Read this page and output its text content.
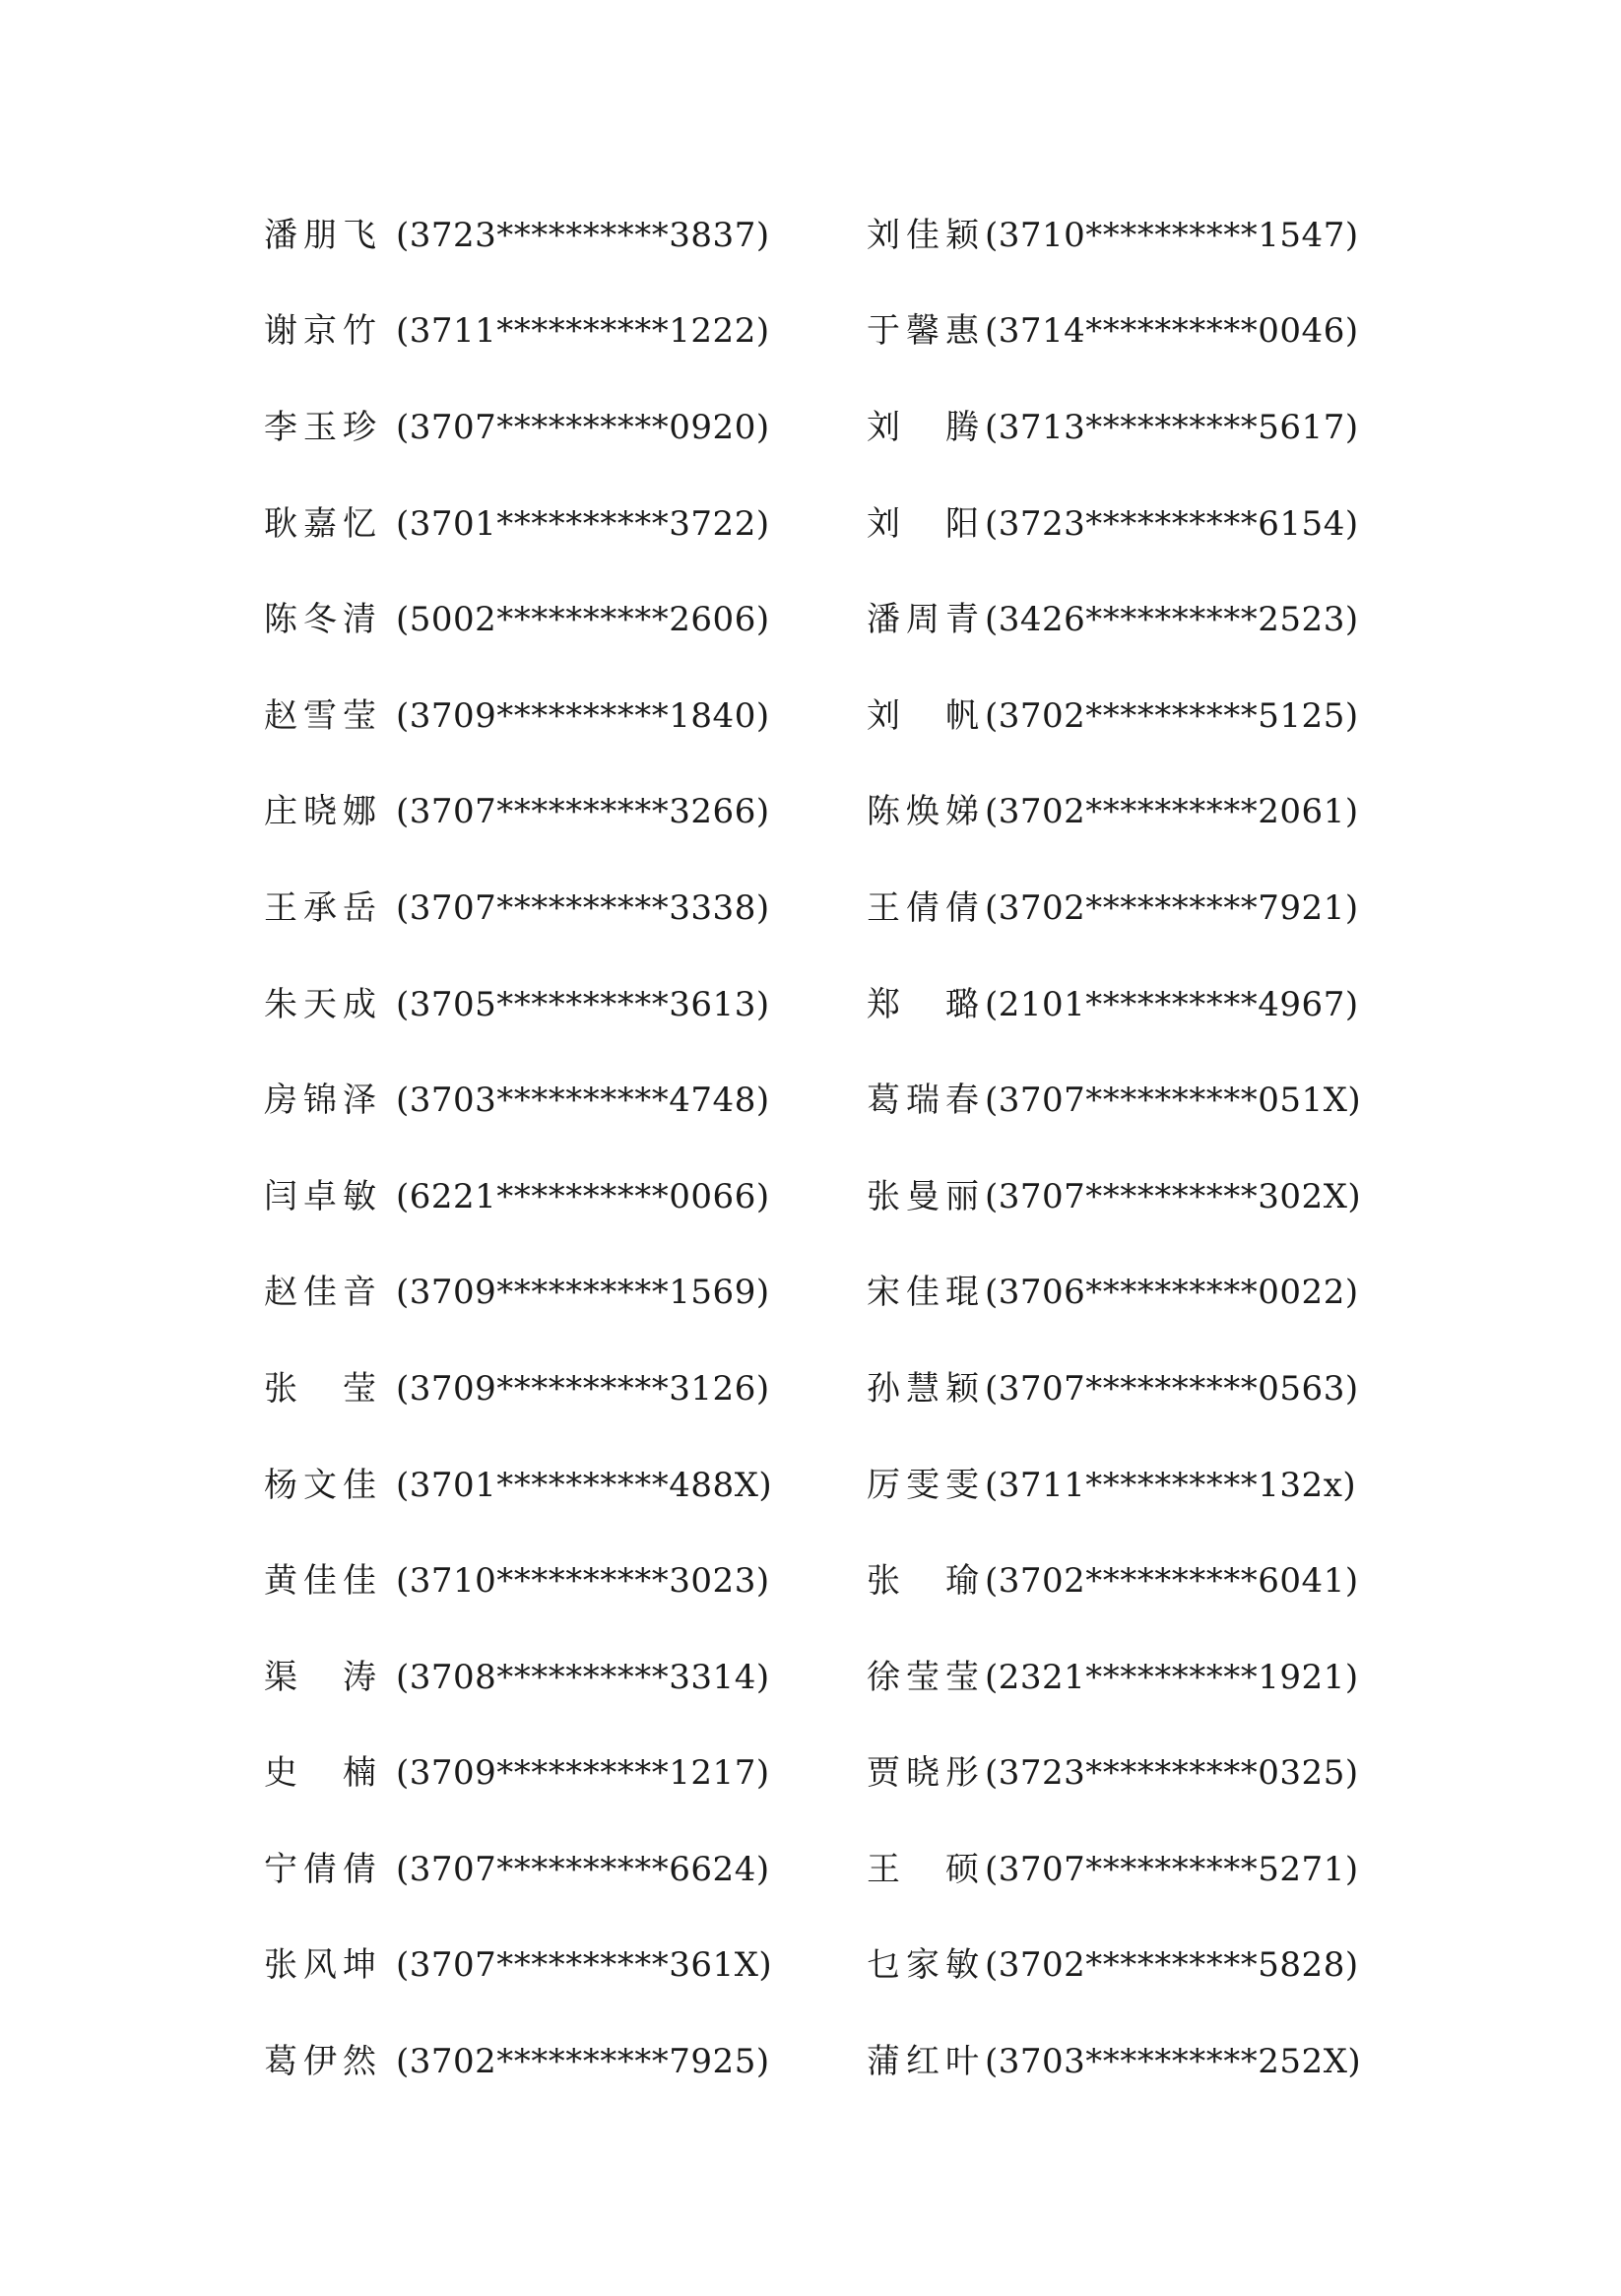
潘朋飞 ( 3723**********3837 )
谢京竹 ( 3711**********1222 )
李玉珍 ( 3707**********0920 )
耿嘉忆 ( 3701**********3722 )
陈冬清 ( 5002**********2606 )
赵雪莹 ( 3709**********1840 )
庄晓娜 ( 3707**********3266 )
王承岳 ( 3707**********3338 )
朱天成 ( 3705**********3613 )
房锦泽 ( 3703**********4748 )
闫卓敏 ( 6221**********0066 )
赵佳音 ( 3709**********1569 )
张莹 ( 3709**********3126 )
杨文佳 ( 3701**********488X )
黄佳佳 ( 3710**********3023 )
渠涛 ( 3708**********3314 )
史楠 ( 3709**********1217 )
宁倩倩 ( 3707**********6624 )
张风坤 ( 3707**********361X )
葛伊然 ( 3702**********7925 )
刘佳颖 ( 3710**********1547 )
于馨惠 ( 3714**********0046 )
刘腾 ( 3713**********5617 )
刘阳 ( 3723**********6154 )
潘周青 ( 3426**********2523 )
刘帆 ( 3702**********5125 )
陈焕娣 ( 3702**********2061 )
王倩倩 ( 3702**********7921 )
郑璐 ( 2101**********4967 )
葛瑞春 ( 3707**********051X )
张曼丽 ( 3707**********302X )
宋佳琨 ( 3706**********0022 )
孙慧颖 ( 3707**********0563 )
厉雯雯 ( 3711**********132x )
张瑜 ( 3702**********6041 )
徐莹莹 ( 2321**********1921 )
贾晓彤 ( 3723**********0325 )
王硕 ( 3707**********5271 )
乜家敏 ( 3702**********5828 )
蒲红叶 ( 3703**********252X )
